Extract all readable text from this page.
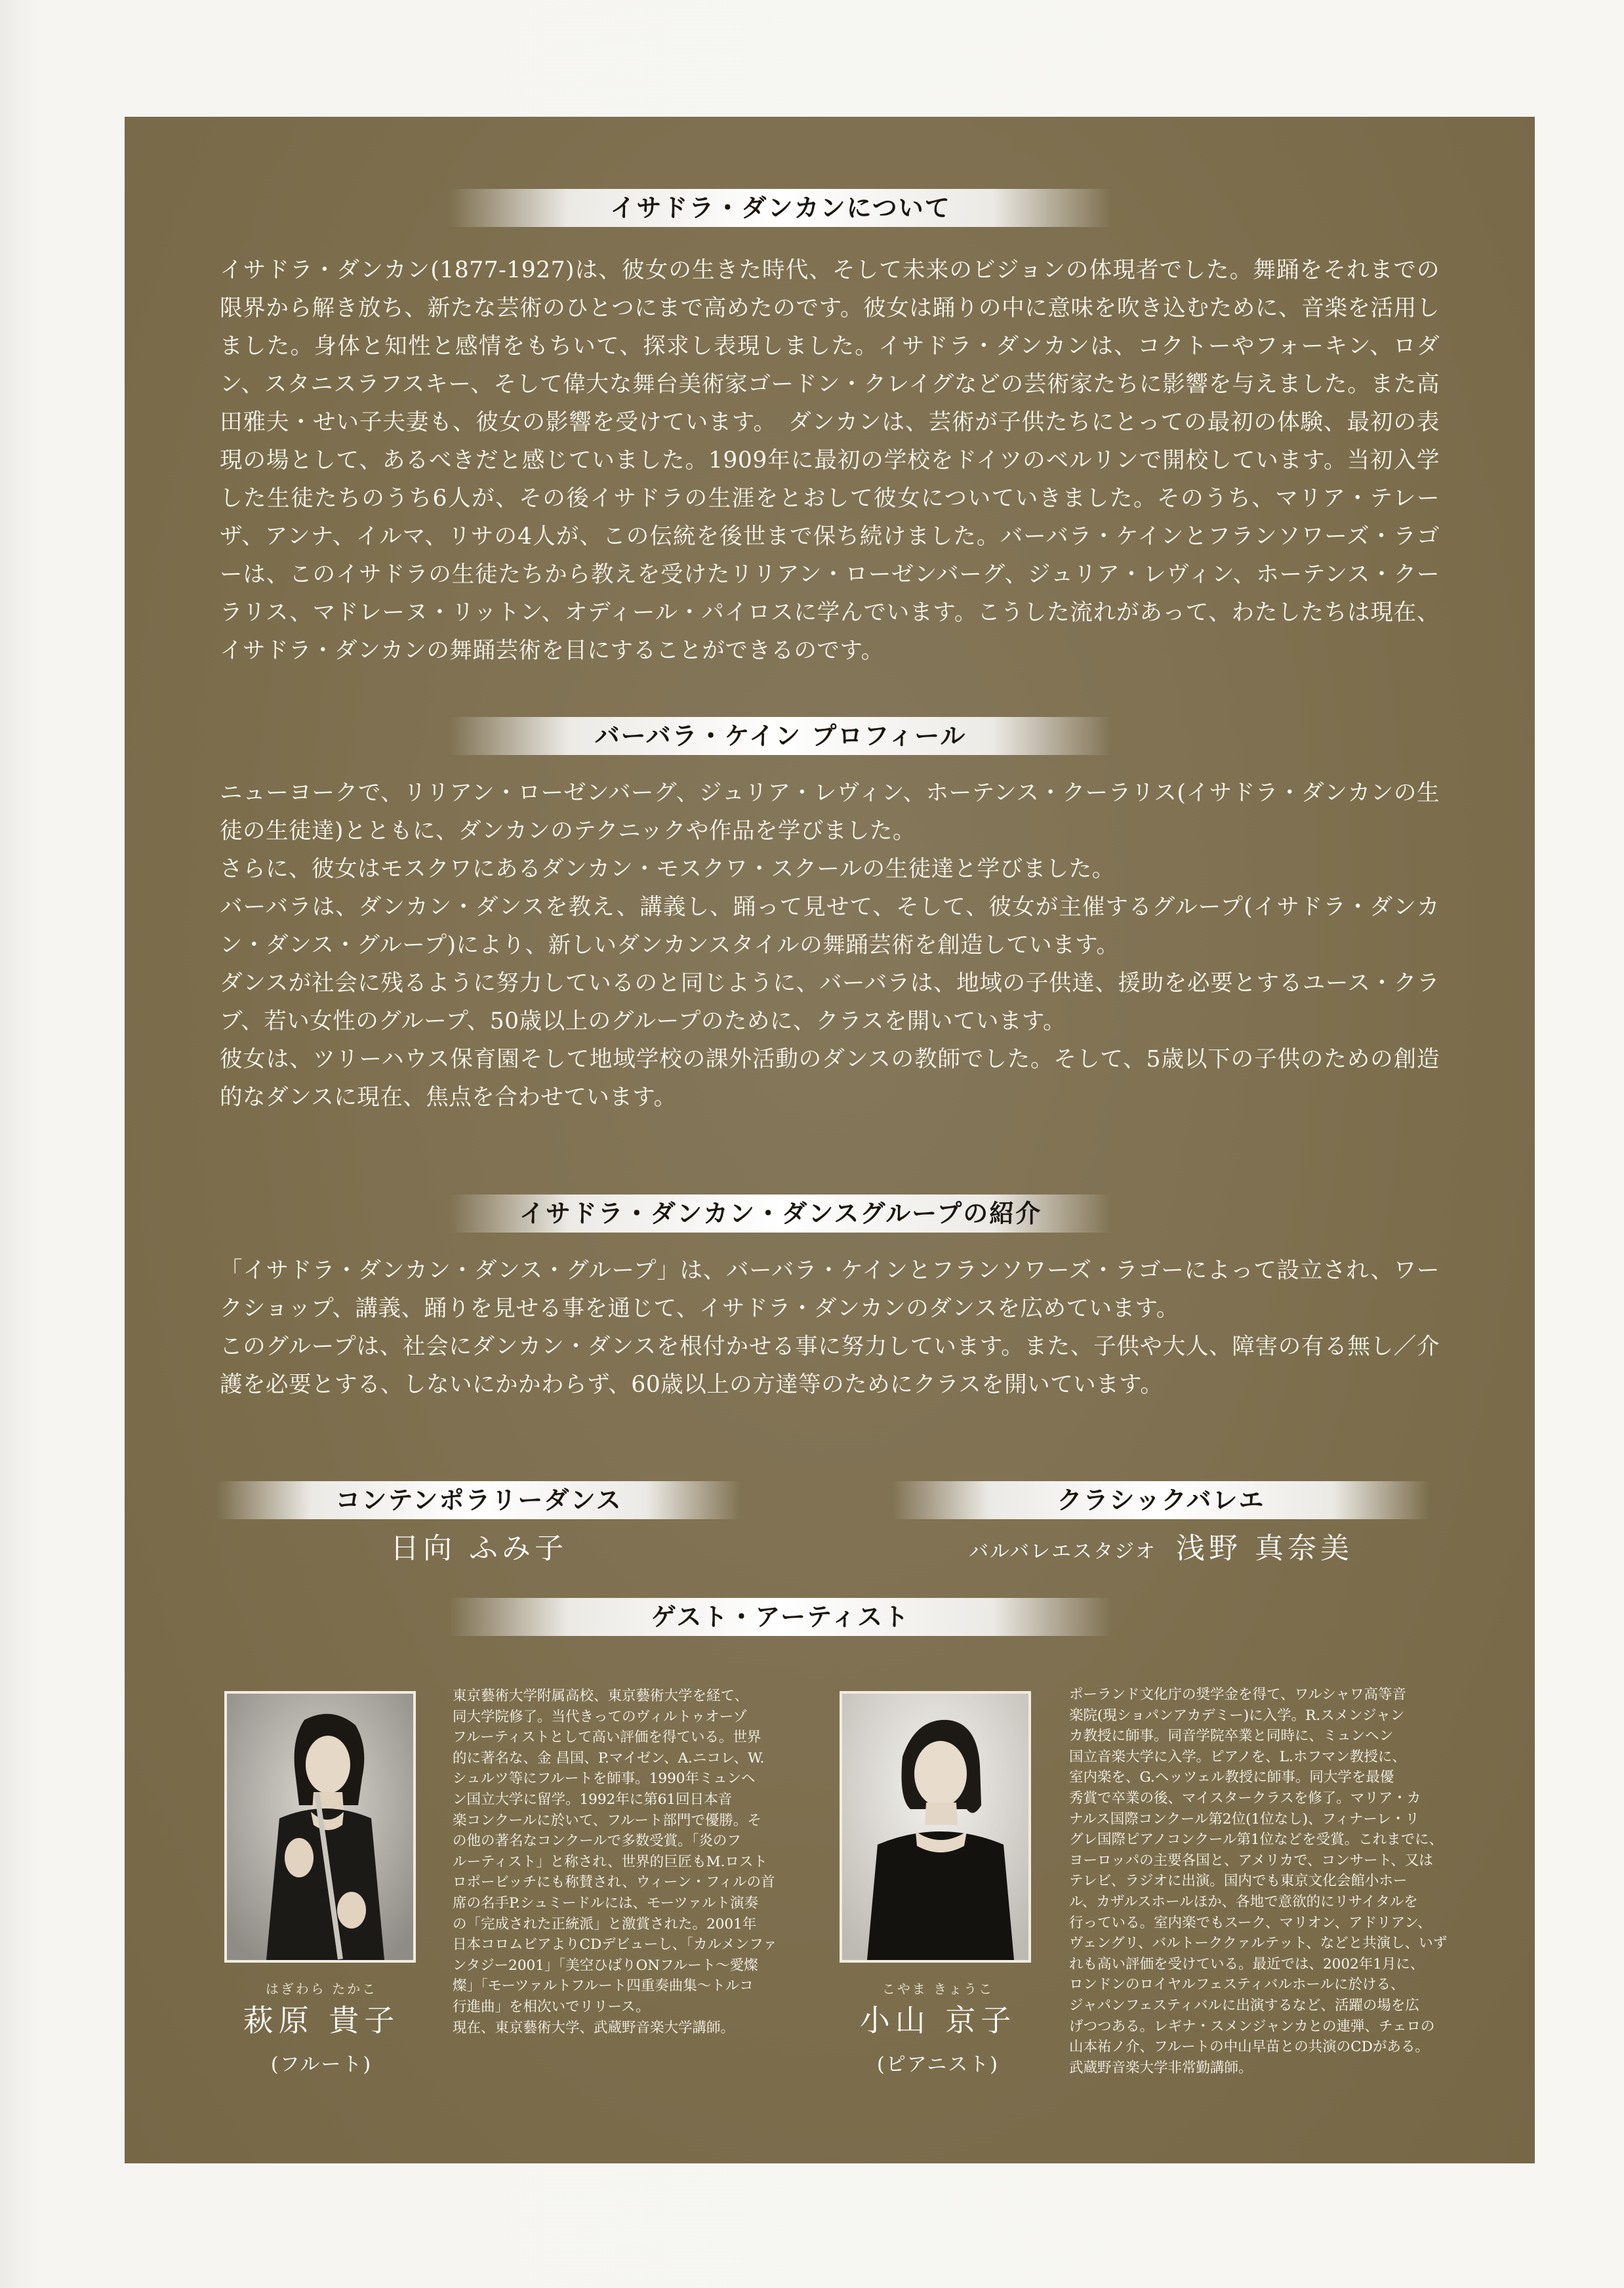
イサドラ・ダンカンについて
イサドラ・ダンカン(1877-1927)は、彼女の生きた時代、そして未来のビジョンの体現者でした。舞踊をそれまでの限界から解き放ち、新たな芸術のひとつにまで高めたのです。彼女は踊りの中に意味を吹き込むために、音楽を活用しました。身体と知性と感情をもちいて、探求し表現しました。イサドラ・ダンカンは、コクトーやフォーキン、ロダン、スタニスラフスキー、そして偉大な舞台美術家ゴードン・クレイグなどの芸術家たちに影響を与えました。また高田雅夫・せい子夫妻も、彼女の影響を受けています。　ダンカンは、芸術が子供たちにとっての最初の体験、最初の表現の場として、あるべきだと感じていました。1909年に最初の学校をドイツのベルリンで開校しています。当初入学した生徒たちのうち6人が、その後イサドラの生涯をとおして彼女についていきました。そのうち、マリア・テレーザ、アンナ、イルマ、リサの4人が、この伝統を後世まで保ち続けました。バーバラ・ケインとフランソワーズ・ラゴーは、このイサドラの生徒たちから教えを受けたリリアン・ローゼンバーグ、ジュリア・レヴィン、ホーテンス・クーラリス、マドレーヌ・リットン、オディール・パイロスに学んでいます。こうした流れがあって、わたしたちは現在、イサドラ・ダンカンの舞踊芸術を目にすることができるのです。
バーバラ・ケイン プロフィール
ニューヨークで、リリアン・ローゼンバーグ、ジュリア・レヴィン、ホーテンス・クーラリス(イサドラ・ダンカンの生徒の生徒達)とともに、ダンカンのテクニックや作品を学びました。
さらに、彼女はモスクワにあるダンカン・モスクワ・スクールの生徒達と学びました。
バーバラは、ダンカン・ダンスを教え、講義し、踊って見せて、そして、彼女が主催するグループ(イサドラ・ダンカン・ダンス・グループ)により、新しいダンカンスタイルの舞踊芸術を創造しています。
ダンスが社会に残るように努力しているのと同じように、バーバラは、地域の子供達、援助を必要とするユース・クラブ、若い女性のグループ、50歳以上のグループのために、クラスを開いています。
彼女は、ツリーハウス保育園そして地域学校の課外活動のダンスの教師でした。そして、5歳以下の子供のための創造的なダンスに現在、焦点を合わせています。
イサドラ・ダンカン・ダンスグループの紹介
「イサドラ・ダンカン・ダンス・グループ」は、バーバラ・ケインとフランソワーズ・ラゴーによって設立され、ワークショップ、講義、踊りを見せる事を通じて、イサドラ・ダンカンのダンスを広めています。
このグループは、社会にダンカン・ダンスを根付かせる事に努力しています。また、子供や大人、障害の有る無し／介護を必要とする、しないにかかわらず、60歳以上の方達等のためにクラスを開いています。
コンテンポラリーダンス
日向 ふみ子
クラシックバレエ
バルバレエスタジオ 浅野 真奈美
ゲスト・アーティスト
はぎわら たかこ
萩原 貴子
(フルート)
東京藝術大学附属高校、東京藝術大学を経て、
同大学院修了。当代きってのヴィルトゥオーゾ
フルーティストとして高い評価を得ている。世界
的に著名な、金 昌国、P.マイゼン、A.ニコレ、W.
シュルツ等にフルートを師事。1990年ミュンヘ
ン国立大学に留学。1992年に第61回日本音
楽コンクールに於いて、フルート部門で優勝。そ
の他の著名なコンクールで多数受賞。「炎のフ
ルーティスト」と称され、世界的巨匠もM.ロスト
ロポービッチにも称賛され、ウィーン・フィルの首
席の名手P.シュミードルには、モーツァルト演奏
の「完成された正統派」と激賞された。2001年
日本コロムビアよりCDデビューし、「カルメンファ
ンタジー2001」「美空ひばりONフルート～愛燦
燦」「モーツァルトフルート四重奏曲集～トルコ
行進曲」を相次いでリリース。
現在、東京藝術大学、武蔵野音楽大学講師。
こやま きょうこ
小山 京子
(ピアニスト)
ポーランド文化庁の奨学金を得て、ワルシャワ高等音
楽院(現ショパンアカデミー)に入学。R.スメンジャン
カ教授に師事。同音学院卒業と同時に、ミュンヘン
国立音楽大学に入学。ピアノを、L.ホフマン教授に、
室内楽を、G.ヘッツェル教授に師事。同大学を最優
秀賞で卒業の後、マイスタークラスを修了。マリア・カ
ナルス国際コンクール第2位(1位なし)、フィナーレ・リ
グレ国際ピアノコンクール第1位などを受賞。これまでに、
ヨーロッパの主要各国と、アメリカで、コンサート、又は
テレビ、ラジオに出演。国内でも東京文化会館小ホー
ル、カザルスホールほか、各地で意欲的にリサイタルを
行っている。室内楽でもスーク、マリオン、アドリアン、
ヴェングリ、バルトーククァルテット、などと共演し、いず
れも高い評価を受けている。最近では、2002年1月に、
ロンドンのロイヤルフェスティバルホールに於ける、
ジャパンフェスティバルに出演するなど、活躍の場を広
げつつある。レギナ・スメンジャンカとの連弾、チェロの
山本祐ノ介、フルートの中山早苗との共演のCDがある。
武蔵野音楽大学非常勤講師。
